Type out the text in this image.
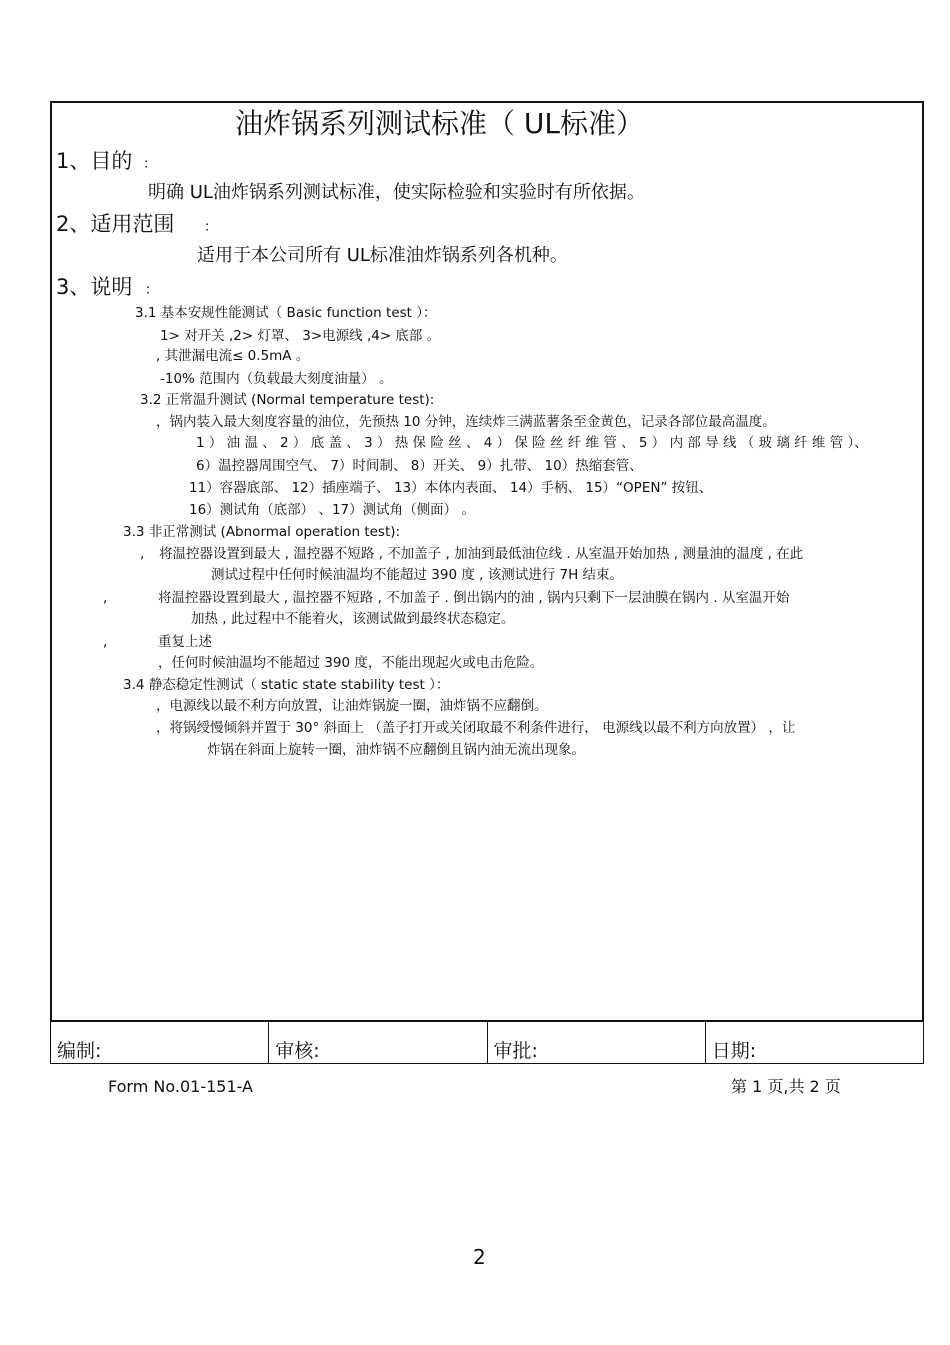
油炸锅系列测试标准（ UL标准）
1、目的 ：
明确 UL油炸锅系列测试标准，使实际检验和实验时有所依据。
2、适用范围 ：
适用于本公司所有 UL标准油炸锅系列各机种。
3、说明 ：
3.1 基本安规性能测试（ Basic function test ）：
1> 对开关 ,2> 灯罩、 3>电源线 ,4> 底部 。
, 其泄漏电流≤ 0.5mA 。
-10% 范围内（负载最大刻度油量） 。
3.2 正常温升测试 (Normal temperature test):
，锅内装入最大刻度容量的油位，先预热 10 分钟，连续炸三满蓝薯条至金黄色，记录各部位最高温度。
1 ） 油 温 、 2 ） 底 盖 、 3 ） 热 保 险 丝 、 4 ） 保 险 丝 纤 维 管 、 5 ） 内 部 导 线 （ 玻 璃 纤 维 管 ）、
6）温控器周围空气、 7）时间制、 8）开关、 9）扎带、 10）热缩套管、
11）容器底部、 12）插座端子、 13）本体内表面、 14）手柄、 15）“OPEN” 按钮、
16）测试角（底部） 、17）测试角（侧面） 。
3.3 非正常测试 (Abnormal operation test):
, 将温控器设置到最大 , 温控器不短路 , 不加盖子 , 加油到最低油位线 . 从室温开始加热 , 测量油的温度 , 在此
测试过程中任何时候油温均不能超过 390 度 , 该测试进行 7H 结束。
,	将温控器设置到最大 , 温控器不短路 , 不加盖子 . 倒出锅内的油 , 锅内只剩下一层油膜在锅内 . 从室温开始
加热 , 此过程中不能着火，该测试做到最终状态稳定。
,	重复上述
，任何时候油温均不能超过 390 度，不能出现起火或电击危险。
3.4 静态稳定性测试（ static state stability test ）：
，电源线以最不利方向放置，让油炸锅旋一圈，油炸锅不应翻倒。
，将锅绶慢倾斜并置于 30° 斜面上 （盖子打开或关闭取最不利条件进行， 电源线以最不利方向放置） ，让
炸锅在斜面上旋转一圈，油炸锅不应翻倒且锅内油无流出现象。
编制:	审核:	审批:	日期:
Form No.01-151-A	第 1 页,共 2 页
2
